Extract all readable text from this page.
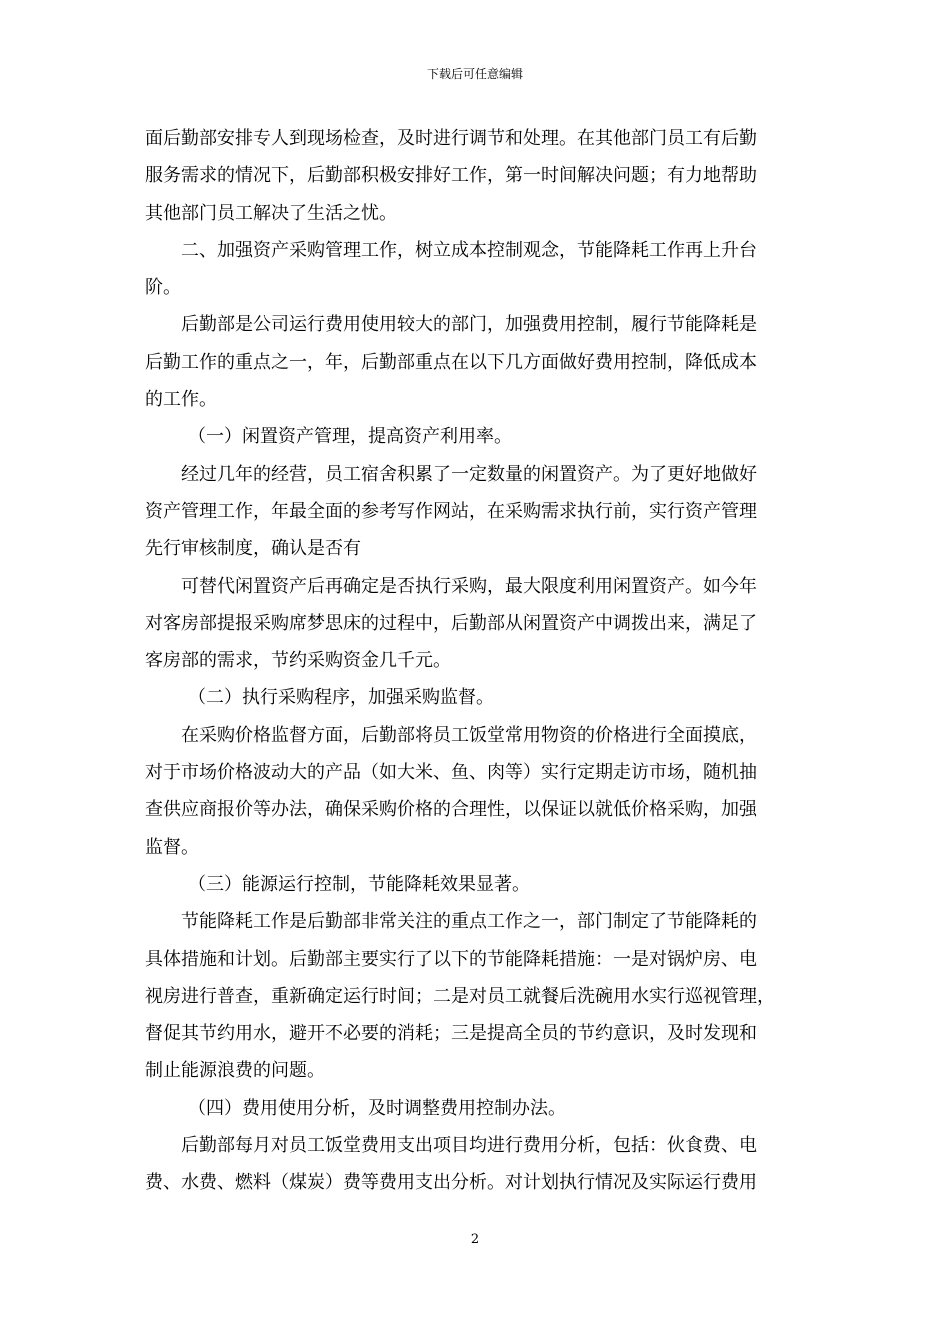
下载后可任意编辑
面后勤部安排专人到现场检查，及时进行调节和处理。在其他部门员工有后勤
服务需求的情况下，后勤部积极安排好工作，第一时间解决问题；有力地帮助
其他部门员工解决了生活之忧。
二、加强资产采购管理工作，树立成本控制观念，节能降耗工作再上升台
阶。
后勤部是公司运行费用使用较大的部门，加强费用控制，履行节能降耗是
后勤工作的重点之一，年，后勤部重点在以下几方面做好费用控制，降低成本
的工作。
（一）闲置资产管理，提高资产利用率。
经过几年的经营，员工宿舍积累了一定数量的闲置资产。为了更好地做好
资产管理工作，年最全面的参考写作网站，在采购需求执行前，实行资产管理
先行审核制度，确认是否有
可替代闲置资产后再确定是否执行采购，最大限度利用闲置资产。如今年
对客房部提报采购席梦思床的过程中，后勤部从闲置资产中调拨出来，满足了
客房部的需求，节约采购资金几千元。
（二）执行采购程序，加强采购监督。
在采购价格监督方面，后勤部将员工饭堂常用物资的价格进行全面摸底，
对于市场价格波动大的产品（如大米、鱼、肉等）实行定期走访市场，随机抽
查供应商报价等办法，确保采购价格的合理性，以保证以就低价格采购，加强
监督。
（三）能源运行控制，节能降耗效果显著。
节能降耗工作是后勤部非常关注的重点工作之一，部门制定了节能降耗的
具体措施和计划。后勤部主要实行了以下的节能降耗措施：一是对锅炉房、电
视房进行普查，重新确定运行时间；二是对员工就餐后洗碗用水实行巡视管理，
督促其节约用水，避开不必要的消耗；三是提高全员的节约意识，及时发现和
制止能源浪费的问题。
（四）费用使用分析，及时调整费用控制办法。
后勤部每月对员工饭堂费用支出项目均进行费用分析，包括：伙食费、电
费、水费、燃料（煤炭）费等费用支出分析。对计划执行情况及实际运行费用
2
